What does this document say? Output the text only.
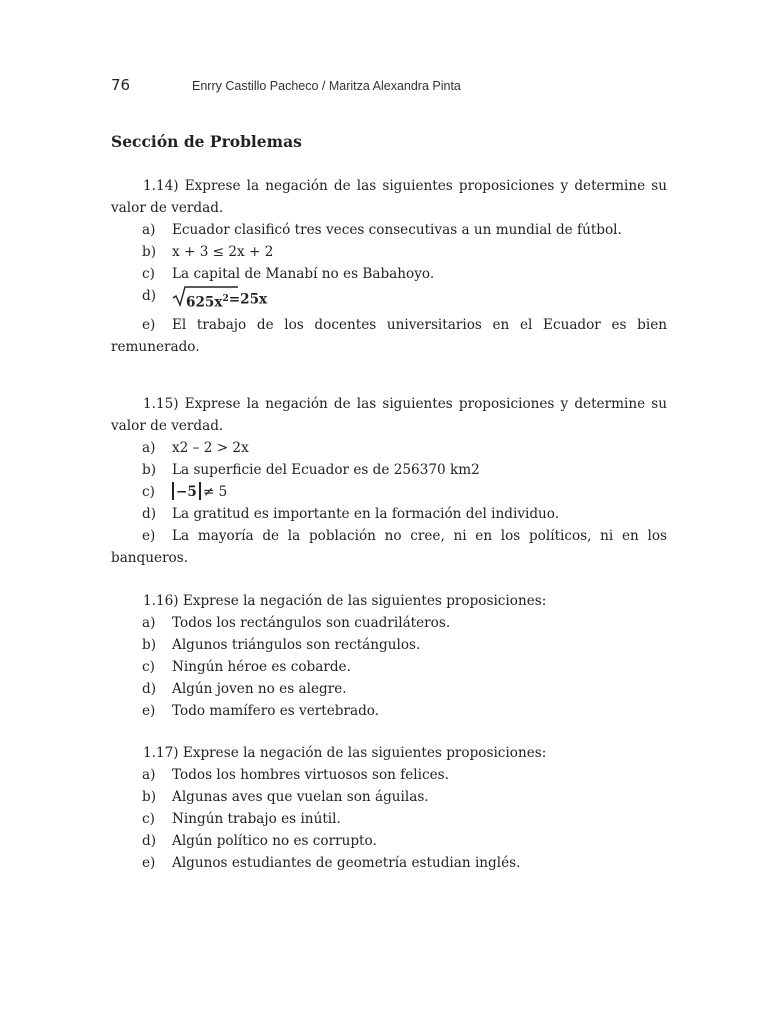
76	Enrry Castillo Pacheco / Maritza Alexandra Pinta
Sección de Problemas

1.14) Exprese la negación de las siguientes proposiciones y determine su valor de verdad.

a)	Ecuador clasificó tres veces consecutivas a un mundial de fútbol.
b)	x + 3 ≤ 2x + 2
c)	La capital de Manabí no es Babahoyo.
d)	$625x^2=25x$
e)	El trabajo de los docentes universitarios en el Ecuador es bien remunerado.

1.15) Exprese la negación de las siguientes proposiciones y determine su valor de verdad.

a)	x2 – 2 > 2x
b)	La superficie del Ecuador es de 256370 km2
c)	−5 ≠ 5
d)	La gratitud es importante en la formación del individuo.
e)	La mayoría de la población no cree, ni en los políticos, ni en los banqueros.

1.16) Exprese la negación de las siguientes proposiciones:

a)	Todos los rectángulos son cuadriláteros.
b)	Algunos triángulos son rectángulos.
c)	Ningún héroe es cobarde.
d)	Algún joven no es alegre.
e)	Todo mamífero es vertebrado.

1.17) Exprese la negación de las siguientes proposiciones:

a)	Todos los hombres virtuosos son felices.
b)	Algunas aves que vuelan son águilas.
c)	Ningún trabajo es inútil.
d)	Algún político no es corrupto.
e)	Algunos estudiantes de geometría estudian inglés.
